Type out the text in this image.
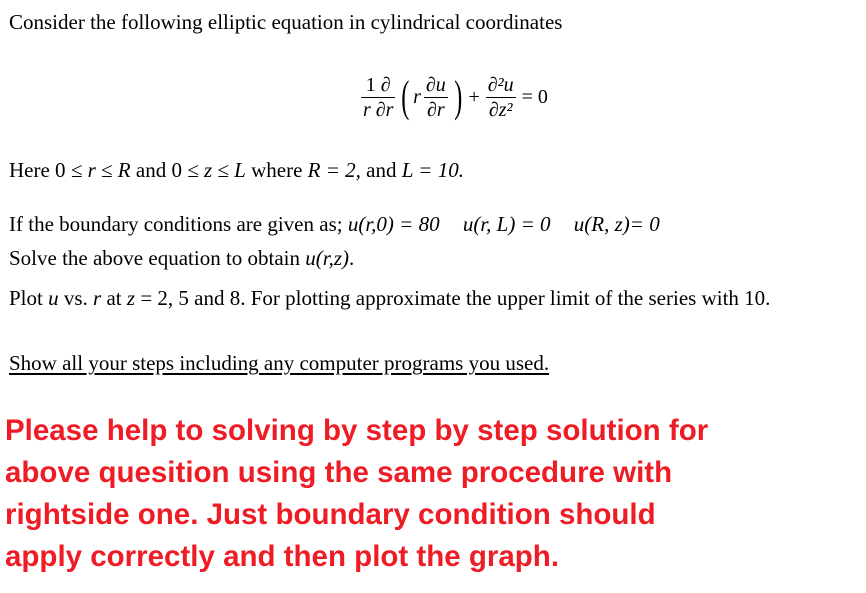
Consider the following elliptic equation in cylindrical coordinates
$\frac{1 \partial}{r \partial r}$ ( r $\frac{\partial u}{\partial r}$ ) + $\frac{\text{∂²u}}{\text{∂z²}} = 0$
Here 0 ≤ r ≤ R and 0 ≤ z ≤ L where R = 2, and L = 10.
If the boundary conditions are given as; u(r,0) = 80 u(r, L) = 0 u(R, z)= 0
Solve the above equation to obtain u(r,z).
Plot u vs. r at z = 2, 5 and 8. For plotting approximate the upper limit of the series with 10.
Show all your steps including any computer programs you used.
Please help to solving by step by step solution for
above quesition using the same procedure with
rightside one. Just boundary condition should
apply correctly and then plot the graph.
